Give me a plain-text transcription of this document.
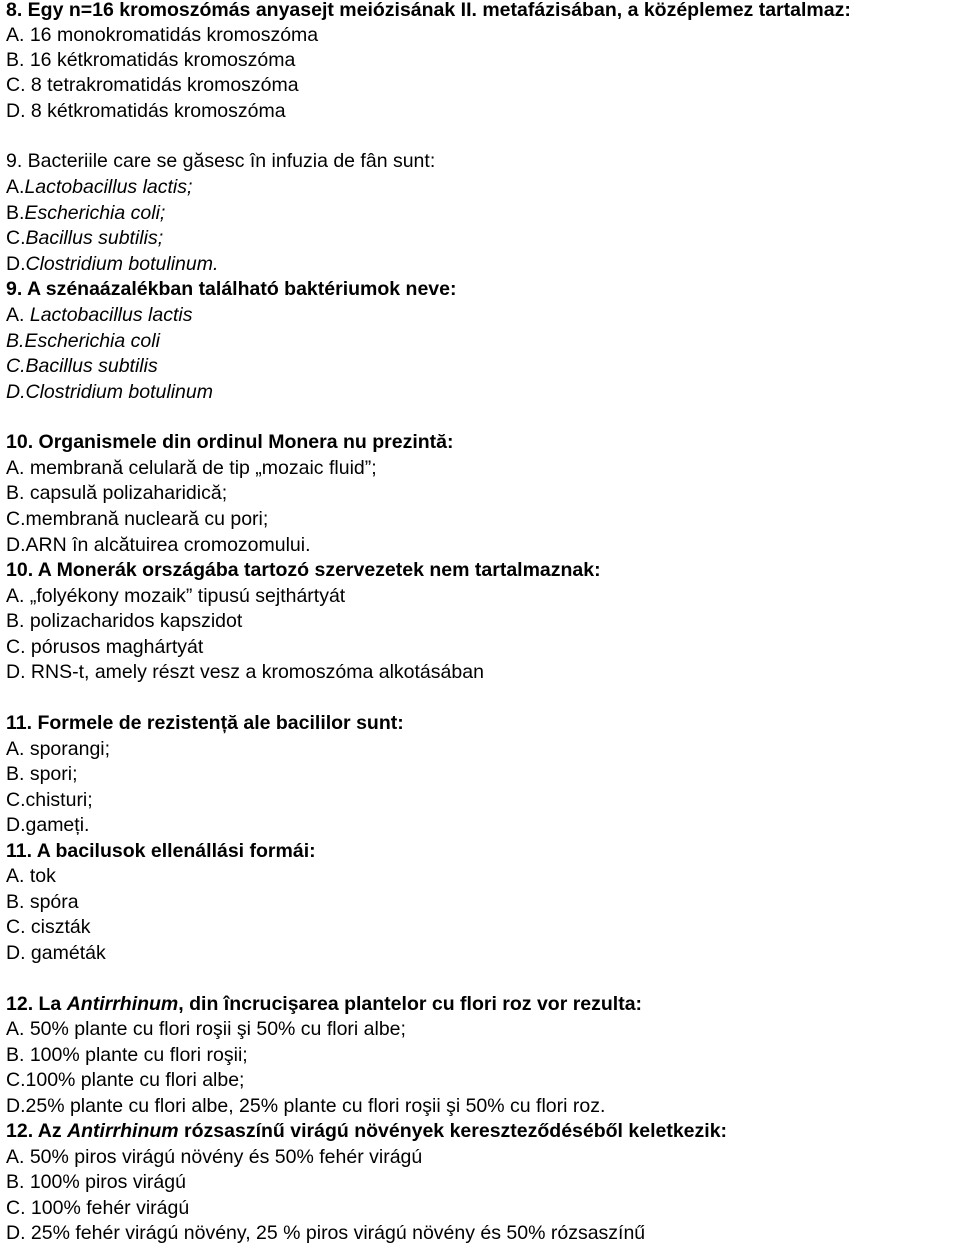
8. Egy n=16 kromoszómás anyasejt meiózisának II. metafázisában, a középlemez tartalmaz:
A. 16 monokromatidás kromoszóma
B. 16 kétkromatidás kromoszóma
C. 8 tetrakromatidás kromoszóma
D. 8 kétkromatidás kromoszóma
9. Bacteriile care se găsesc în infuzia de fân sunt:
A.Lactobacillus lactis;
B.Escherichia coli;
C.Bacillus subtilis;
D.Clostridium botulinum.
9. A szénaázalékban található baktériumok neve:
A. Lactobacillus lactis
B.Escherichia coli
C.Bacillus subtilis
D.Clostridium botulinum
10. Organismele din ordinul Monera nu prezintă:
A. membrană celulară de tip „mozaic fluid”;
B. capsulă polizaharidică;
C.membrană nucleară cu pori;
D.ARN în alcătuirea cromozomului.
10. A Monerák országába tartozó szervezetek nem tartalmaznak:
A. „folyékony mozaik” tipusú sejthártyát
B. polizacharidos kapszidot
C. pórusos maghártyát
D. RNS-t, amely részt vesz a kromoszóma alkotásában
11. Formele de rezistență ale bacililor sunt:
A. sporangi;
B. spori;
C.chisturi;
D.gameți.
11. A bacilusok ellenállási formái:
A. tok
B. spóra
C. ciszták
D. gaméták
12. La Antirrhinum, din încrucişarea plantelor cu flori roz vor rezulta:
A. 50% plante cu flori roşii şi 50% cu flori albe;
B. 100% plante cu flori roşii;
C.100% plante cu flori albe;
D.25% plante cu flori albe, 25% plante cu flori roşii şi 50% cu flori roz.
12. Az Antirrhinum rózsaszínű virágú növények kereszteződéséből keletkezik:
A. 50% piros virágú növény és 50% fehér virágú
B. 100% piros virágú
C. 100% fehér virágú
D. 25% fehér virágú növény, 25 % piros virágú növény és 50% rózsaszínű
